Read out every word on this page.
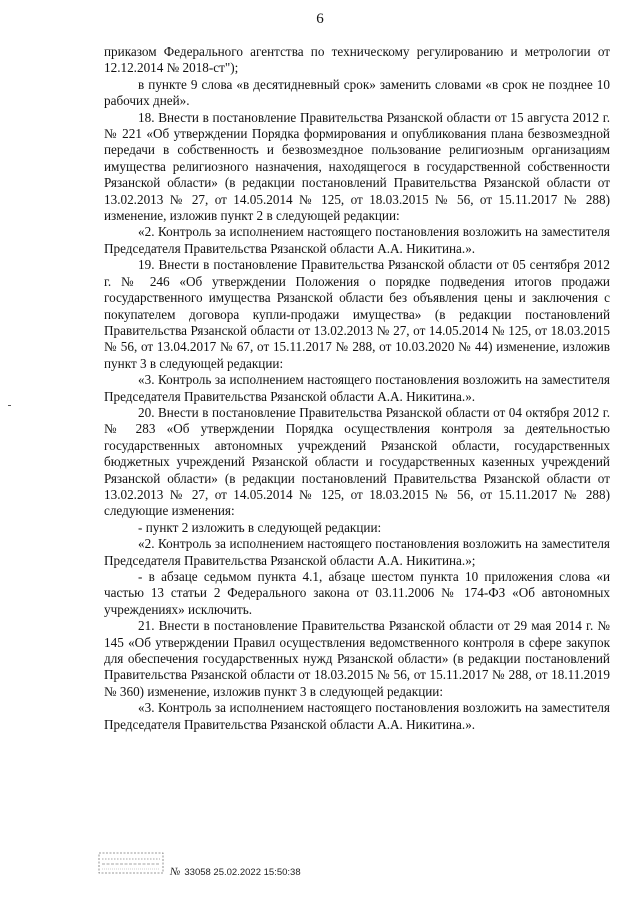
6

приказом Федерального агентства по техническому регулированию и метрологии от 12.12.2014 № 2018-ст");

в пункте 9 слова «в десятидневный срок» заменить словами «в срок не позднее 10 рабочих дней».

18. Внести в постановление Правительства Рязанской области от 15 августа 2012 г. № 221 «Об утверждении Порядка формирования и опубликования плана безвозмездной передачи в собственность и безвозмездное пользование религиозным организациям имущества религиозного назначения, находящегося в государственной собственности Рязанской области» (в редакции постановлений Правительства Рязанской области от 13.02.2013 № 27, от 14.05.2014 № 125, от 18.03.2015 № 56, от 15.11.2017 № 288) изменение, изложив пункт 2 в следующей редакции:

«2. Контроль за исполнением настоящего постановления возложить на заместителя Председателя Правительства Рязанской области А.А. Никитина.».

19. Внести в постановление Правительства Рязанской области от 05 сентября 2012 г. № 246 «Об утверждении Положения о порядке подведения итогов продажи государственного имущества Рязанской области без объявления цены и заключения с покупателем договора купли-продажи имущества» (в редакции постановлений Правительства Рязанской области от 13.02.2013 № 27, от 14.05.2014 № 125, от 18.03.2015 № 56, от 13.04.2017 № 67, от 15.11.2017 № 288, от 10.03.2020 № 44) изменение, изложив пункт 3 в следующей редакции:

«3. Контроль за исполнением настоящего постановления возложить на заместителя Председателя Правительства Рязанской области А.А. Никитина.».

20. Внести в постановление Правительства Рязанской области от 04 октября 2012 г. № 283 «Об утверждении Порядка осуществления контроля за деятельностью государственных автономных учреждений Рязанской области, государственных бюджетных учреждений Рязанской области и государственных казенных учреждений Рязанской области» (в редакции постановлений Правительства Рязанской области от 13.02.2013 № 27, от 14.05.2014 № 125, от 18.03.2015 № 56, от 15.11.2017 № 288) следующие изменения:

- пункт 2 изложить в следующей редакции:

«2. Контроль за исполнением настоящего постановления возложить на заместителя Председателя Правительства Рязанской области А.А. Никитина.»;

- в абзаце седьмом пункта 4.1, абзаце шестом пункта 10 приложения слова «и частью 13 статьи 2 Федерального закона от 03.11.2006 № 174-ФЗ «Об автономных учреждениях» исключить.

21. Внести в постановление Правительства Рязанской области от 29 мая 2014 г. № 145 «Об утверждении Правил осуществления ведомственного контроля в сфере закупок для обеспечения государственных нужд Рязанской области» (в редакции постановлений Правительства Рязанской области от 18.03.2015 № 56, от 15.11.2017 № 288, от 18.11.2019 № 360) изменение, изложив пункт 3 в следующей редакции:

«3. Контроль за исполнением настоящего постановления возложить на заместителя Председателя Правительства Рязанской области А.А. Никитина.».

№ 33058 25.02.2022 15:50:38
